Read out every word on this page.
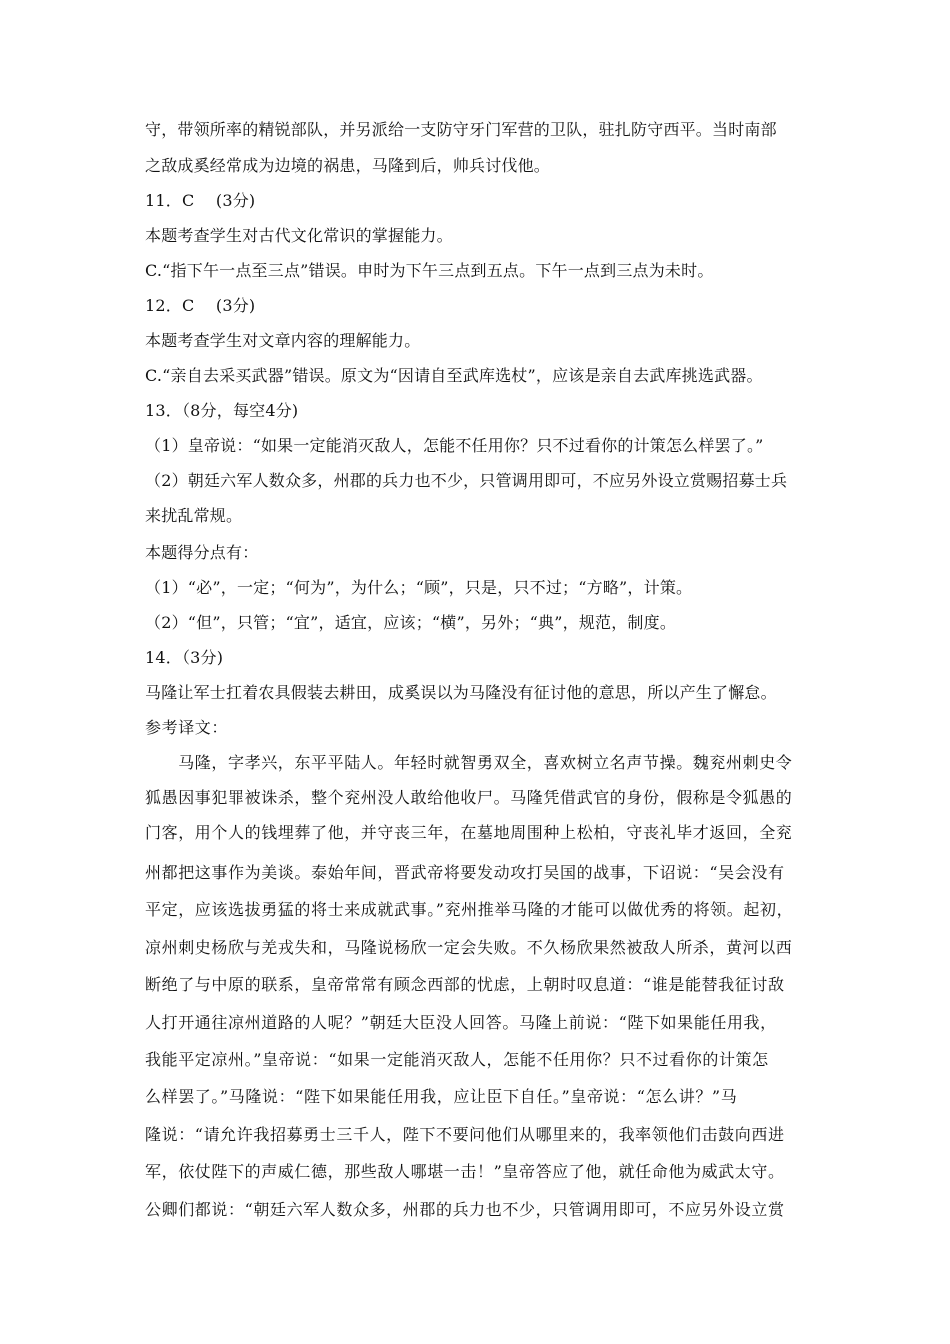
守，带领所率的精锐部队，并另派给一支防守牙门军营的卫队，驻扎防守西平。当时南部
之敌成奚经常成为边境的祸患，马隆到后，帅兵讨伐他。
11．C　 (3分)
本题考查学生对古代文化常识的掌握能力。
C.“指下午一点至三点”错误。申时为下午三点到五点。下午一点到三点为未时。
12．C　 (3分)
本题考查学生对文章内容的理解能力。
C.“亲自去采买武器”错误。原文为“因请自至武库选杖”，应该是亲自去武库挑选武器。
13．（8分，每空4分)
（1）皇帝说：“如果一定能消灭敌人，怎能不任用你？只不过看你的计策怎么样罢了。”
（2）朝廷六军人数众多，州郡的兵力也不少，只管调用即可，不应另外设立赏赐招募士兵
来扰乱常规。
本题得分点有：
（1）“必”，一定；“何为”，为什么；“顾”，只是，只不过；“方略”，计策。
（2）“但”，只管；“宜”，适宜，应该；“横”，另外；“典”，规范，制度。
14．（3分)
马隆让军士扛着农具假装去耕田，成奚误以为马隆没有征讨他的意思，所以产生了懈怠。
参考译文：
　　马隆，字孝兴，东平平陆人。年轻时就智勇双全，喜欢树立名声节操。魏兖州刺史令
狐愚因事犯罪被诛杀，整个兖州没人敢给他收尸。马隆凭借武官的身份，假称是令狐愚的
门客，用个人的钱埋葬了他，并守丧三年，在墓地周围种上松柏，守丧礼毕才返回，全兖
州都把这事作为美谈。泰始年间，晋武帝将要发动攻打吴国的战事，下诏说：“吴会没有
平定，应该选拔勇猛的将士来成就武事。”兖州推举马隆的才能可以做优秀的将领。起初，
凉州刺史杨欣与羌戎失和，马隆说杨欣一定会失败。不久杨欣果然被敌人所杀，黄河以西
断绝了与中原的联系，皇帝常常有顾念西部的忧虑，上朝时叹息道：“谁是能替我征讨敌
人打开通往凉州道路的人呢？”朝廷大臣没人回答。马隆上前说：“陛下如果能任用我，
我能平定凉州。”皇帝说：“如果一定能消灭敌人，怎能不任用你？只不过看你的计策怎
么样罢了。”马隆说：“陛下如果能任用我，应让臣下自任。”皇帝说：“怎么讲？”马
隆说：“请允许我招募勇士三千人，陛下不要问他们从哪里来的，我率领他们击鼓向西进
军，依仗陛下的声威仁德，那些敌人哪堪一击！”皇帝答应了他，就任命他为威武太守。
公卿们都说：“朝廷六军人数众多，州郡的兵力也不少，只管调用即可，不应另外设立赏
